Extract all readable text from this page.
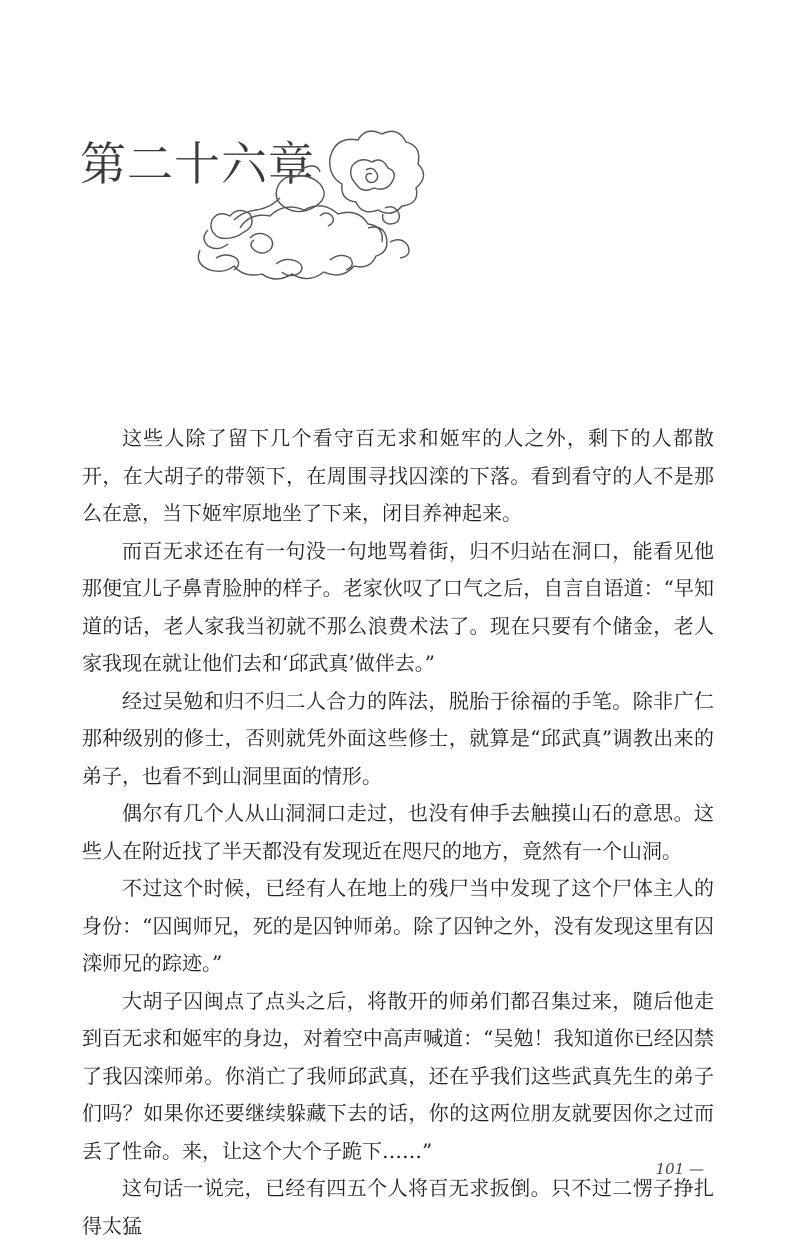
第二十六章

这些人除了留下几个看守百无求和姬牢的人之外，剩下的人都散开，在大胡子的带领下，在周围寻找囚滦的下落。看到看守的人不是那么在意，当下姬牢原地坐了下来，闭目养神起来。

而百无求还在有一句没一句地骂着街，归不归站在洞口，能看见他那便宜儿子鼻青脸肿的样子。老家伙叹了口气之后，自言自语道：“早知道的话，老人家我当初就不那么浪费术法了。现在只要有个储金，老人家我现在就让他们去和‘邱武真’做伴去。”

经过吴勉和归不归二人合力的阵法，脱胎于徐福的手笔。除非广仁那种级别的修士，否则就凭外面这些修士，就算是“邱武真”调教出来的弟子，也看不到山洞里面的情形。

偶尔有几个人从山洞洞口走过，也没有伸手去触摸山石的意思。这些人在附近找了半天都没有发现近在咫尺的地方，竟然有一个山洞。

不过这个时候，已经有人在地上的残尸当中发现了这个尸体主人的身份：“囚闽师兄，死的是囚钟师弟。除了囚钟之外，没有发现这里有囚滦师兄的踪迹。”

大胡子囚闽点了点头之后，将散开的师弟们都召集过来，随后他走到百无求和姬牢的身边，对着空中高声喊道：“吴勉！我知道你已经囚禁了我囚滦师弟。你消亡了我师邱武真，还在乎我们这些武真先生的弟子们吗？如果你还要继续躲藏下去的话，你的这两位朋友就要因你之过而丢了性命。来，让这个大个子跪下……”

这句话一说完，已经有四五个人将百无求扳倒。只不过二愣子挣扎得太猛

101 —
